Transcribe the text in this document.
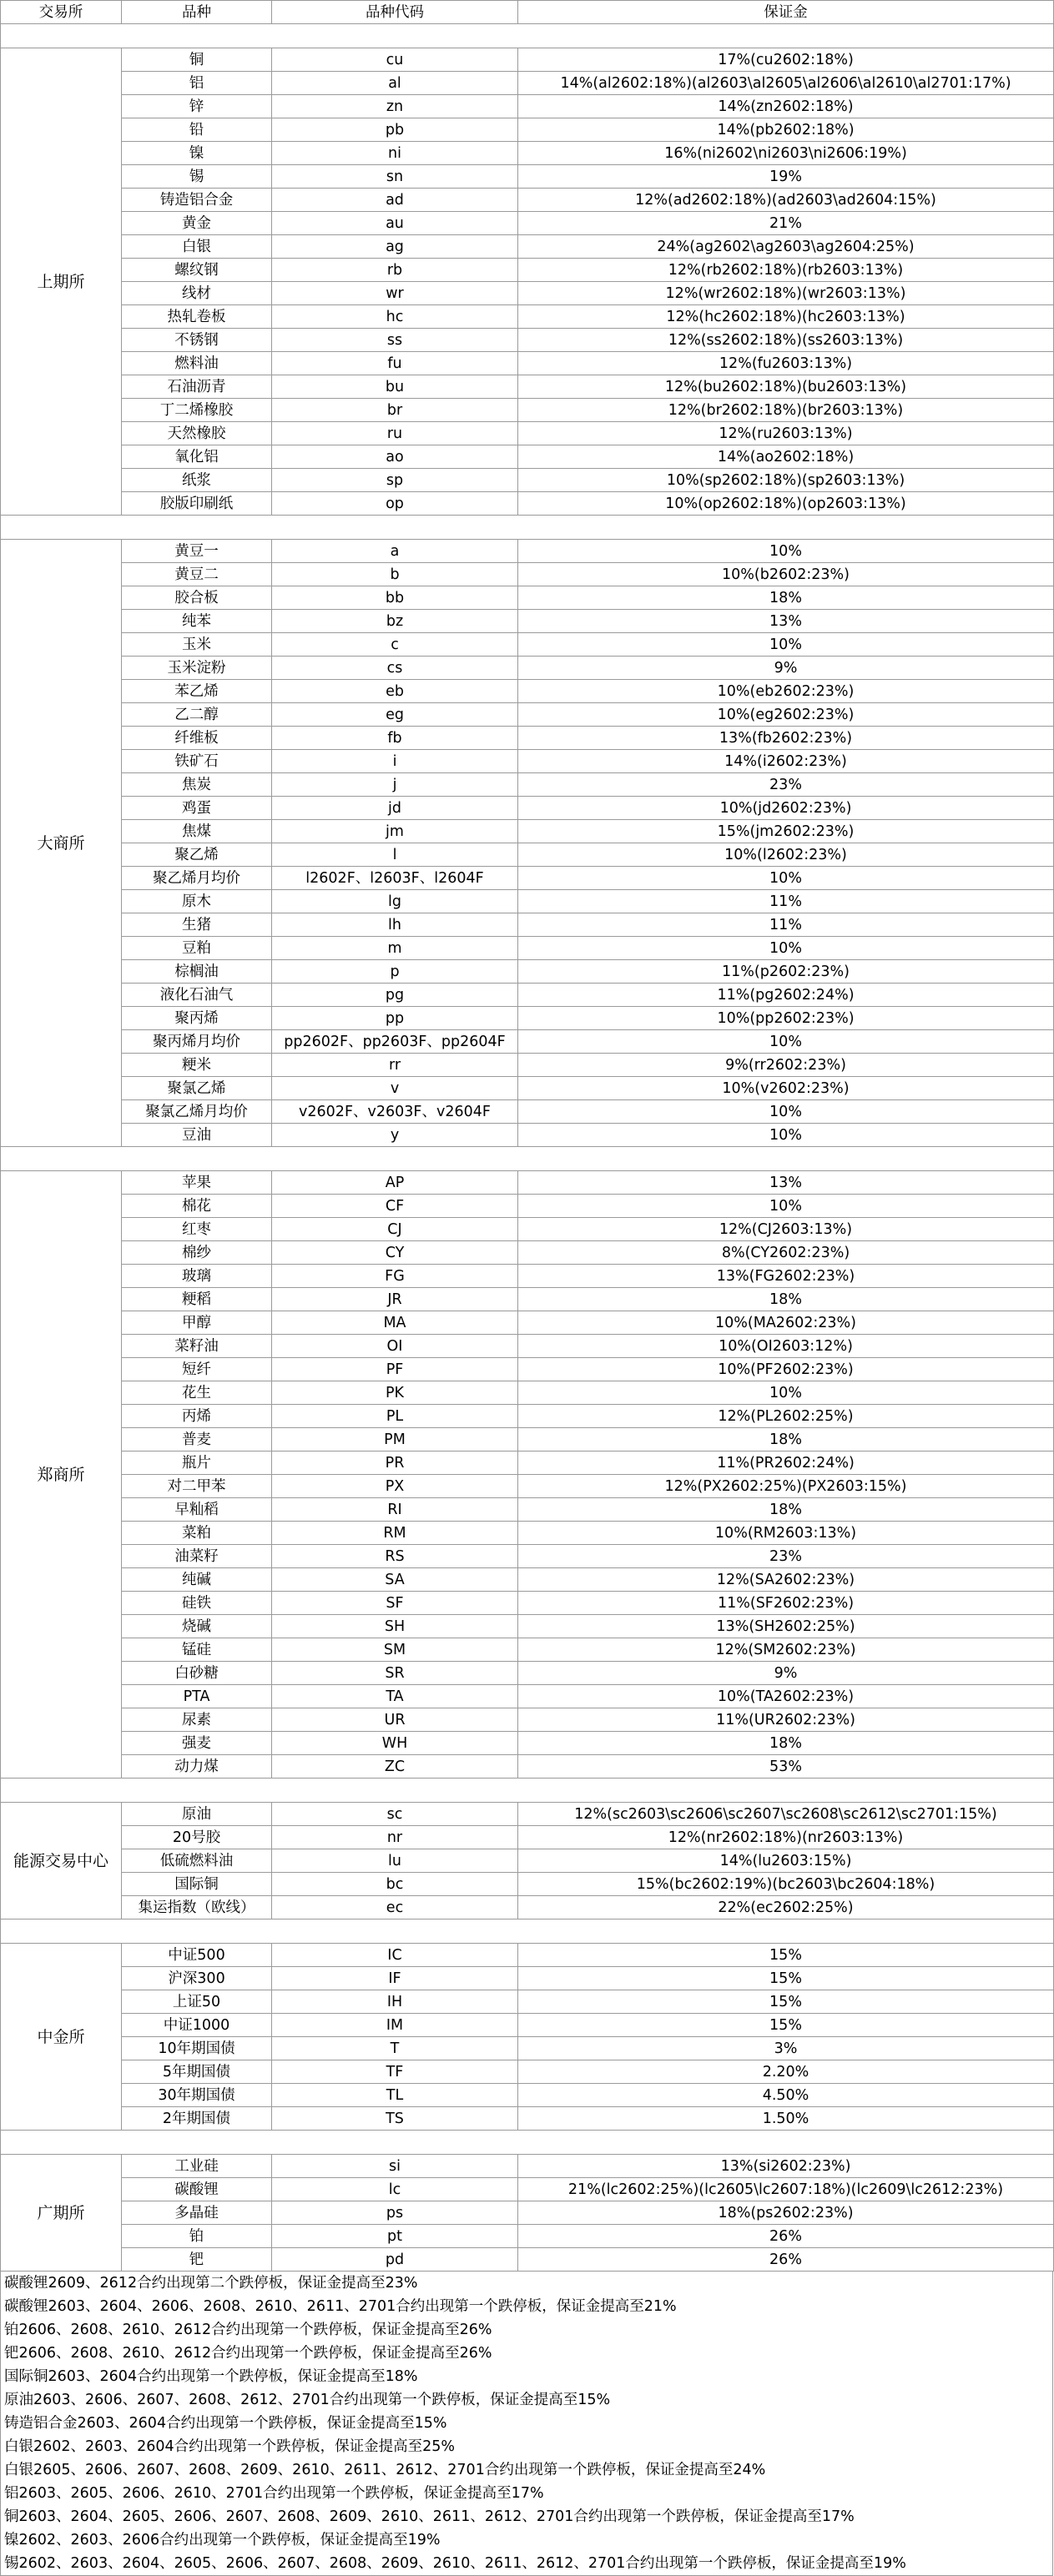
交易所	品种	品种代码	保证金

上期所	铜	cu	17%(cu2602:18%)
	铝	al	14%(al2602:18%)(al2603\al2605\al2606\al2610\al2701:17%)
	锌	zn	14%(zn2602:18%)
	铅	pb	14%(pb2602:18%)
	镍	ni	16%(ni2602\ni2603\ni2606:19%)
	锡	sn	19%
	铸造铝合金	ad	12%(ad2602:18%)(ad2603\ad2604:15%)
	黄金	au	21%
	白银	ag	24%(ag2602\ag2603\ag2604:25%)
	螺纹钢	rb	12%(rb2602:18%)(rb2603:13%)
	线材	wr	12%(wr2602:18%)(wr2603:13%)
	热轧卷板	hc	12%(hc2602:18%)(hc2603:13%)
	不锈钢	ss	12%(ss2602:18%)(ss2603:13%)
	燃料油	fu	12%(fu2603:13%)
	石油沥青	bu	12%(bu2602:18%)(bu2603:13%)
	丁二烯橡胶	br	12%(br2602:18%)(br2603:13%)
	天然橡胶	ru	12%(ru2603:13%)
	氧化铝	ao	14%(ao2602:18%)
	纸浆	sp	10%(sp2602:18%)(sp2603:13%)
	胶版印刷纸	op	10%(op2602:18%)(op2603:13%)

大商所	黄豆一	a	10%
	黄豆二	b	10%(b2602:23%)
	胶合板	bb	18%
	纯苯	bz	13%
	玉米	c	10%
	玉米淀粉	cs	9%
	苯乙烯	eb	10%(eb2602:23%)
	乙二醇	eg	10%(eg2602:23%)
	纤维板	fb	13%(fb2602:23%)
	铁矿石	i	14%(i2602:23%)
	焦炭	j	23%
	鸡蛋	jd	10%(jd2602:23%)
	焦煤	jm	15%(jm2602:23%)
	聚乙烯	l	10%(l2602:23%)
	聚乙烯月均价	l2602F、l2603F、l2604F	10%
	原木	lg	11%
	生猪	lh	11%
	豆粕	m	10%
	棕榈油	p	11%(p2602:23%)
	液化石油气	pg	11%(pg2602:24%)
	聚丙烯	pp	10%(pp2602:23%)
	聚丙烯月均价	pp2602F、pp2603F、pp2604F	10%
	粳米	rr	9%(rr2602:23%)
	聚氯乙烯	v	10%(v2602:23%)
	聚氯乙烯月均价	v2602F、v2603F、v2604F	10%
	豆油	y	10%

郑商所	苹果	AP	13%
	棉花	CF	10%
	红枣	CJ	12%(CJ2603:13%)
	棉纱	CY	8%(CY2602:23%)
	玻璃	FG	13%(FG2602:23%)
	粳稻	JR	18%
	甲醇	MA	10%(MA2602:23%)
	菜籽油	OI	10%(OI2603:12%)
	短纤	PF	10%(PF2602:23%)
	花生	PK	10%
	丙烯	PL	12%(PL2602:25%)
	普麦	PM	18%
	瓶片	PR	11%(PR2602:24%)
	对二甲苯	PX	12%(PX2602:25%)(PX2603:15%)
	早籼稻	RI	18%
	菜粕	RM	10%(RM2603:13%)
	油菜籽	RS	23%
	纯碱	SA	12%(SA2602:23%)
	硅铁	SF	11%(SF2602:23%)
	烧碱	SH	13%(SH2602:25%)
	锰硅	SM	12%(SM2602:23%)
	白砂糖	SR	9%
	PTA	TA	10%(TA2602:23%)
	尿素	UR	11%(UR2602:23%)
	强麦	WH	18%
	动力煤	ZC	53%

能源交易中心	原油	sc	12%(sc2603\sc2606\sc2607\sc2608\sc2612\sc2701:15%)
	20号胶	nr	12%(nr2602:18%)(nr2603:13%)
	低硫燃料油	lu	14%(lu2603:15%)
	国际铜	bc	15%(bc2602:19%)(bc2603\bc2604:18%)
	集运指数（欧线）	ec	22%(ec2602:25%)

中金所	中证500	IC	15%
	沪深300	IF	15%
	上证50	IH	15%
	中证1000	IM	15%
	10年期国债	T	3%
	5年期国债	TF	2.20%
	30年期国债	TL	4.50%
	2年期国债	TS	1.50%

广期所	工业硅	si	13%(si2602:23%)
	碳酸锂	lc	21%(lc2602:25%)(lc2605\lc2607:18%)(lc2609\lc2612:23%)
	多晶硅	ps	18%(ps2602:23%)
	铂	pt	26%
	钯	pd	26%
碳酸锂2609、2612合约出现第二个跌停板，保证金提高至23%
碳酸锂2603、2604、2606、2608、2610、2611、2701合约出现第一个跌停板，保证金提高至21%
铂2606、2608、2610、2612合约出现第一个跌停板，保证金提高至26%
钯2606、2608、2610、2612合约出现第一个跌停板，保证金提高至26%
国际铜2603、2604合约出现第一个跌停板，保证金提高至18%
原油2603、2606、2607、2608、2612、2701合约出现第一个跌停板，保证金提高至15%
铸造铝合金2603、2604合约出现第一个跌停板，保证金提高至15%
白银2602、2603、2604合约出现第一个跌停板，保证金提高至25%
白银2605、2606、2607、2608、2609、2610、2611、2612、2701合约出现第一个跌停板，保证金提高至24%
铝2603、2605、2606、2610、2701合约出现第一个跌停板，保证金提高至17%
铜2603、2604、2605、2606、2607、2608、2609、2610、2611、2612、2701合约出现第一个跌停板，保证金提高至17%
镍2602、2603、2606合约出现第一个跌停板，保证金提高至19%
锡2602、2603、2604、2605、2606、2607、2608、2609、2610、2611、2612、2701合约出现第一个跌停板，保证金提高至19%
